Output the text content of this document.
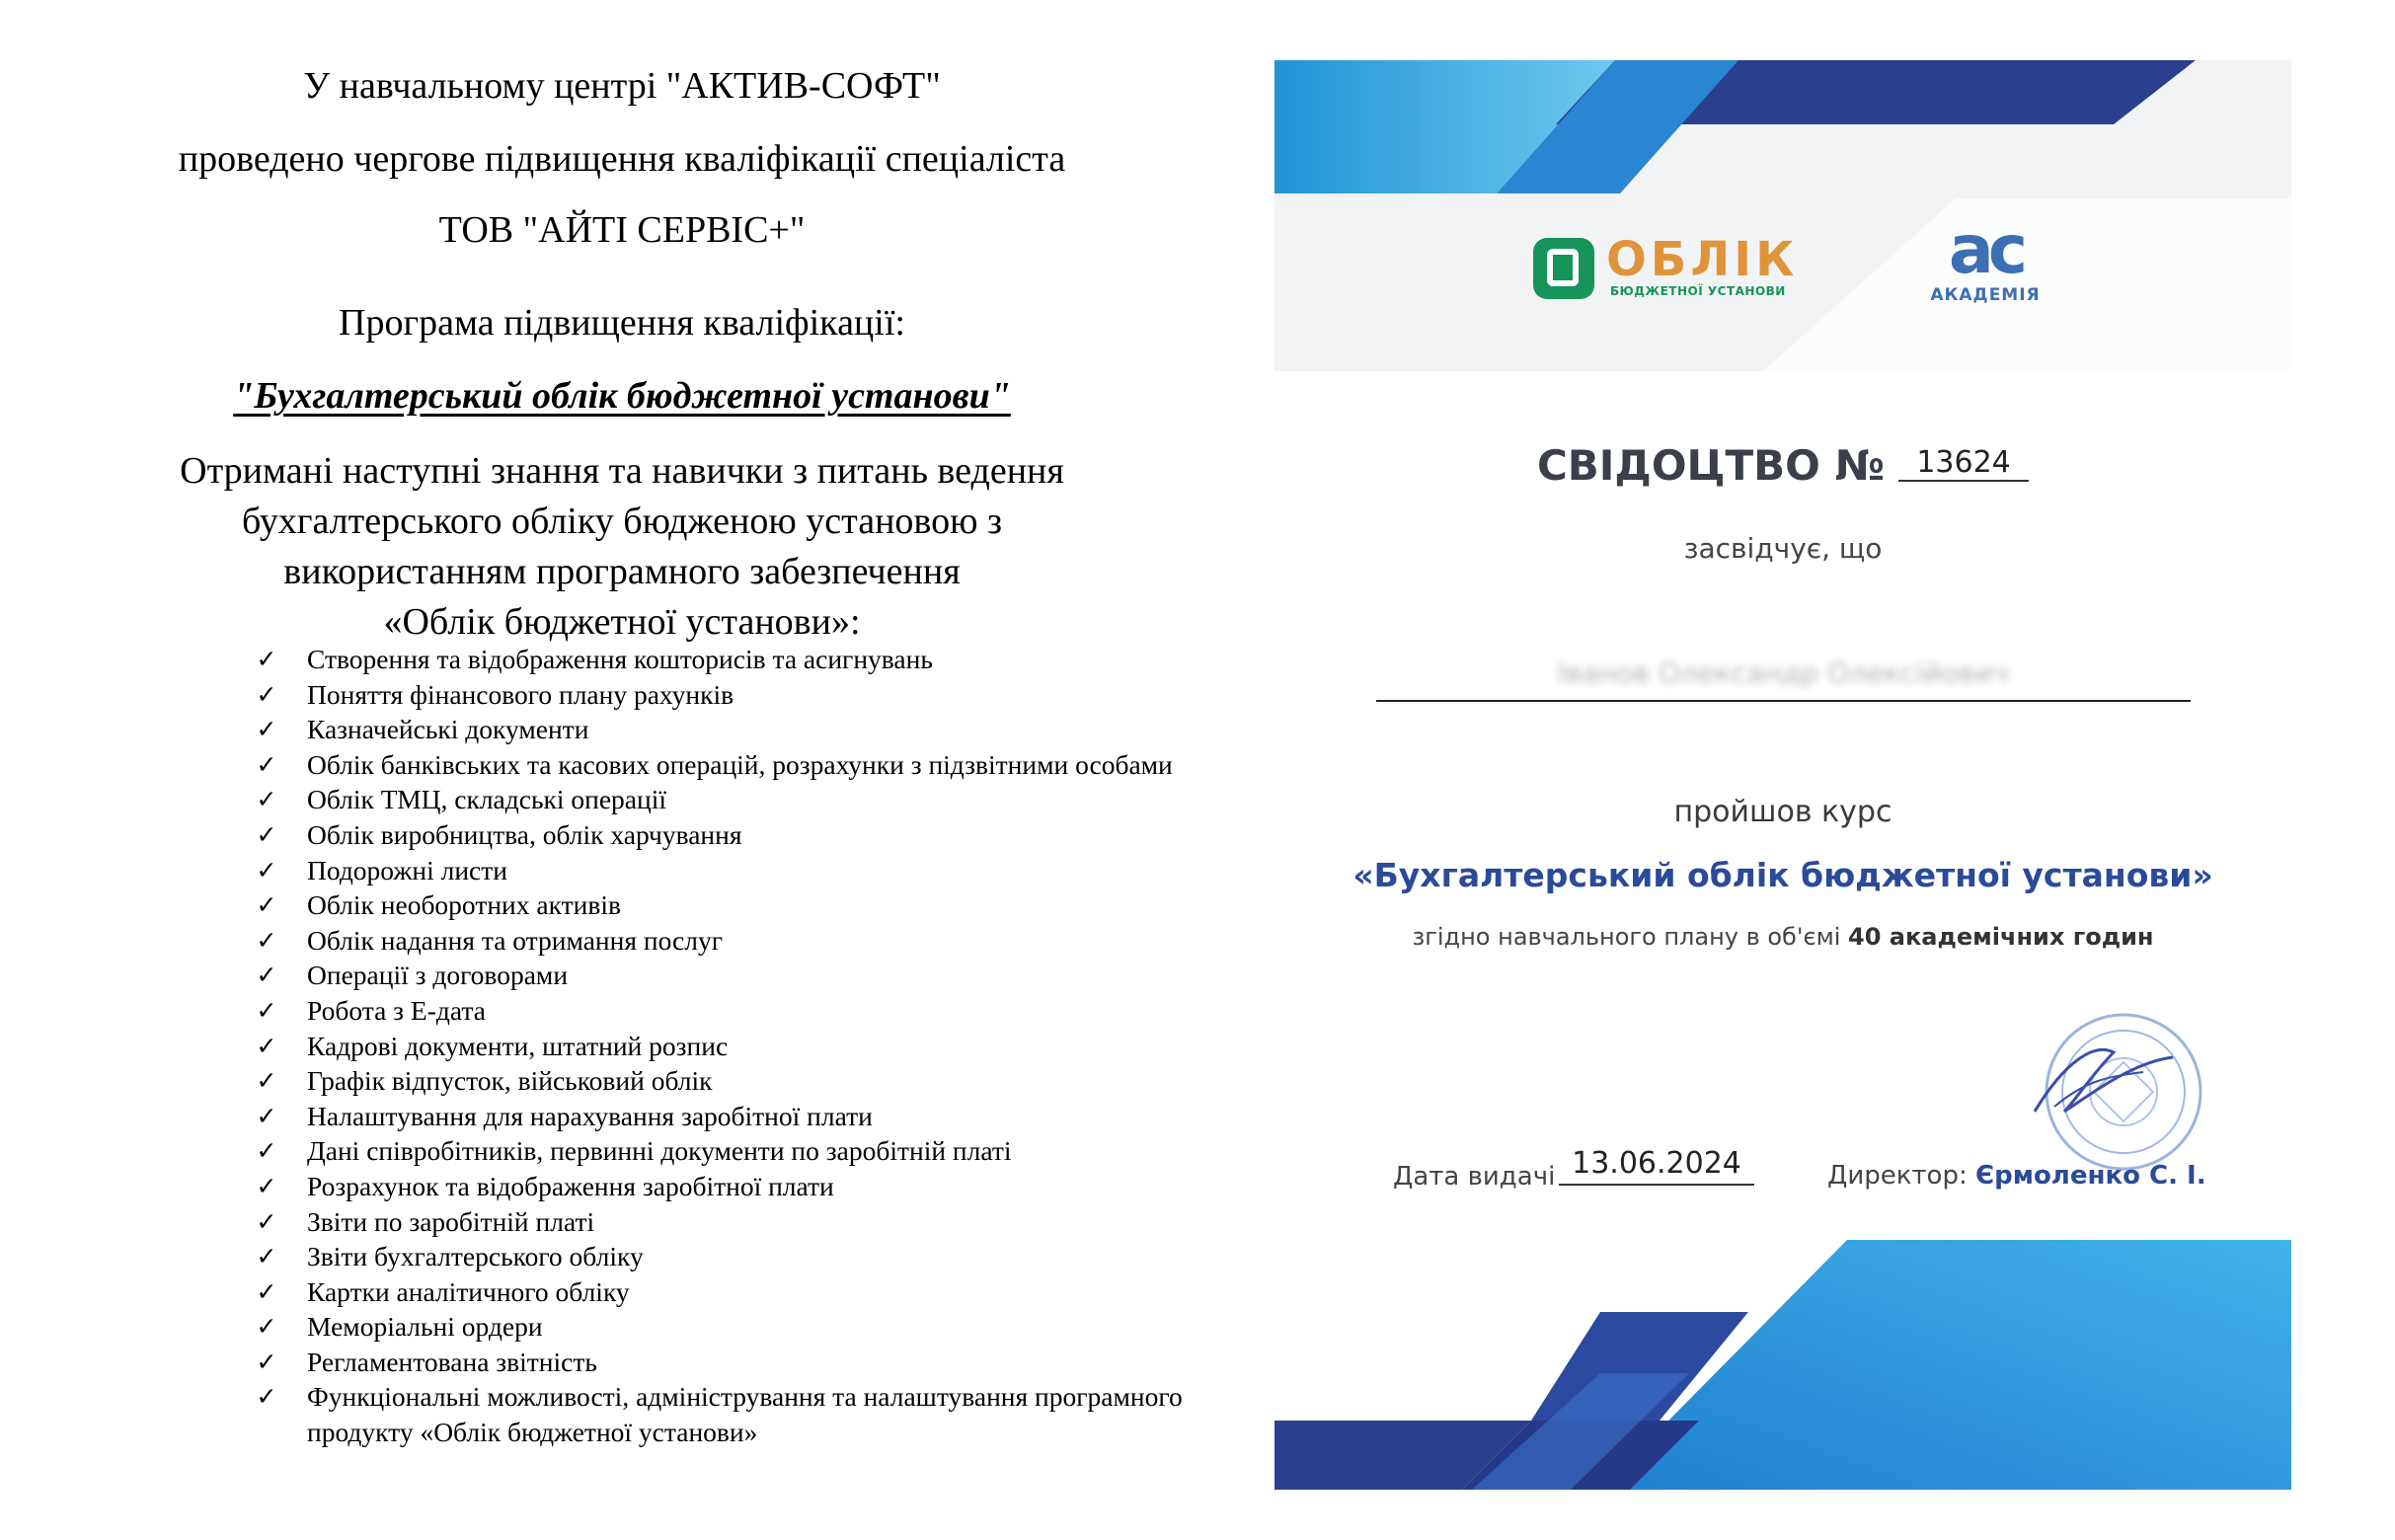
У навчальному центрі "АКТИВ-СОФТ"
проведено чергове підвищення кваліфікації спеціаліста
ТОВ "АЙТІ СЕРВІС+"
Програма підвищення кваліфікації:
"Бухгалтерський облік бюджетної установи"
Отримані наступні знання та навички з питань ведення
бухгалтерського обліку бюдженою установою з
використанням програмного забезпечення
«Облік бюджетної установи»:
✓ Створення та відображення кошторисів та асигнувань
✓ Поняття фінансового плану рахунків
✓ Казначейські документи
✓ Облік банківських та касових операцій, розрахунки з підзвітними особами
✓ Облік ТМЦ, складські операції
✓ Облік виробництва, облік харчування
✓ Подорожні листи
✓ Облік необоротних активів
✓ Облік надання та отримання послуг
✓ Операції з договорами
✓ Робота з Е-дата
✓ Кадрові документи, штатний розпис
✓ Графік відпусток, військовий облік
✓ Налаштування для нарахування заробітної плати
✓ Дані співробітників, первинні документи по заробітній платі
✓ Розрахунок та відображення заробітної плати
✓ Звіти по заробітній платі
✓ Звіти бухгалтерського обліку
✓ Картки аналітичного обліку
✓ Меморіальні ордери
✓ Регламентована звітність
✓ Функціональні можливості, адміністрування та налаштування програмного продукту «Облік бюджетної установи»
ОБЛІК
БЮДЖЕТНОЇ УСТАНОВИ
ac
АКАДЕМІЯ
СВІДОЦТВО № 13624
засвідчує, що
Іванов Олександр Олексійович
пройшов курс
«Бухгалтерський облік бюджетної установи»
згідно навчального плану в об'ємі 40 академічних годин
Дата видачі 13.06.2024	Директор: Єрмоленко С. І.
